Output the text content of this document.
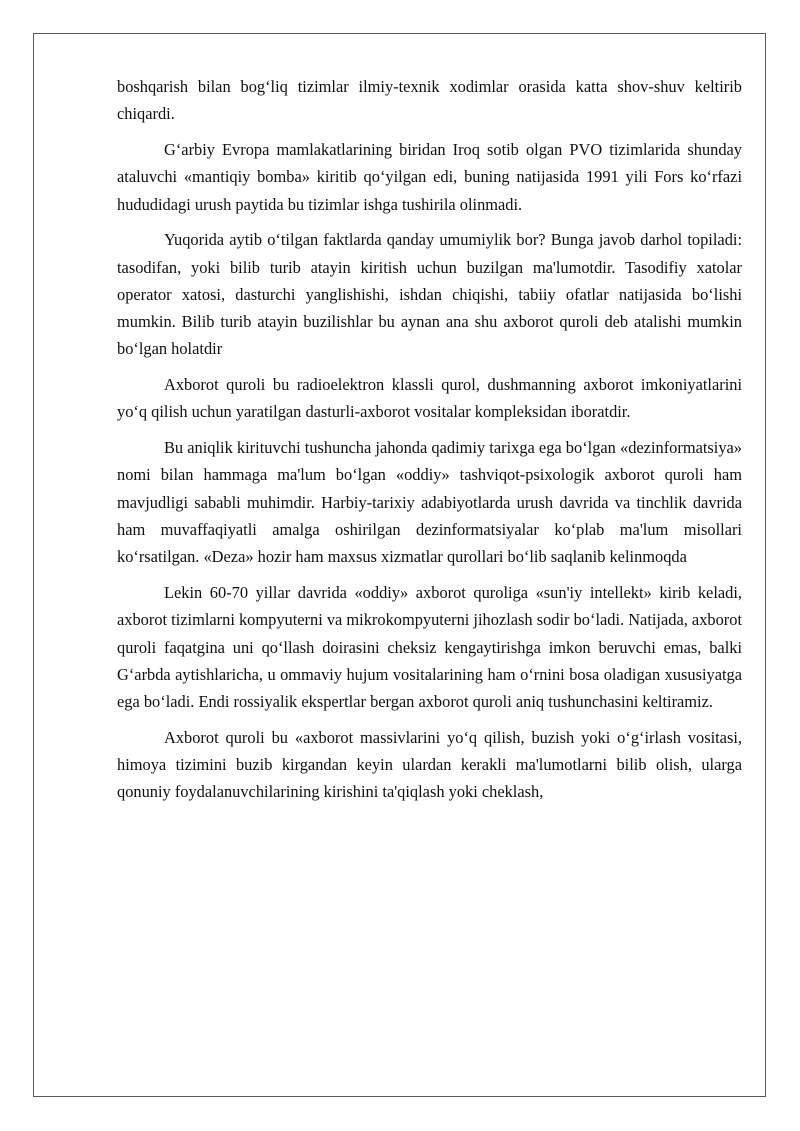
boshqarish bilan bog‘liq tizimlar ilmiy-texnik xodimlar orasida katta shov-shuv keltirib chiqardi.

G‘arbiy Evropa mamlakatlarining biridan Iroq sotib olgan PVO tizimlarida shunday ataluvchi «mantiqiy bomba» kiritib qo‘yilgan edi, buning natijasida 1991 yili Fors ko‘rfazi hududidagi urush paytida bu tizimlar ishga tushirila olinmadi.

Yuqorida aytib o‘tilgan faktlarda qanday umumiylik bor? Bunga javob darhol topiladi: tasodifan, yoki bilib turib atayin kiritish uchun buzilgan ma'lumotdir. Tasodifiy xatolar operator xatosi, dasturchi yanglishishi, ishdan chiqishi, tabiiy ofatlar natijasida bo‘lishi mumkin. Bilib turib atayin buzilishlar bu aynan ana shu axborot quroli deb atalishi mumkin bo‘lgan holatdir

Axborot quroli bu radioelektron klassli qurol, dushmanning axborot imkoniyatlarini yo‘q qilish uchun yaratilgan dasturli-axborot vositalar kompleksidan iboratdir.

Bu aniqlik kirituvchi tushuncha jahonda qadimiy tarixga ega bo‘lgan «dezinformatsiya» nomi bilan hammaga ma'lum bo‘lgan «oddiy» tashviqot-psixologik axborot quroli ham mavjudligi sababli muhimdir. Harbiy-tarixiy adabiyotlarda urush davrida va tinchlik davrida ham muvaffaqiyatli amalga oshirilgan dezinformatsiyalar ko‘plab ma'lum misollari ko‘rsatilgan. «Deza» hozir ham maxsus xizmatlar qurollari bo‘lib saqlanib kelinmoqda

Lekin 60-70 yillar davrida «oddiy» axborot quroliga «sun'iy intellekt» kirib keladi, axborot tizimlarni kompyuterni va mikrokompyuterni jihozlash sodir bo‘ladi. Natijada, axborot quroli faqatgina uni qo‘llash doirasini cheksiz kengaytirishga imkon beruvchi emas, balki G‘arbda aytishlaricha, u ommaviy hujum vositalarining ham o‘rnini bosa oladigan xususiyatga ega bo‘ladi. Endi rossiyalik ekspertlar bergan axborot quroli aniq tushunchasini keltiramiz.

Axborot quroli bu «axborot massivlarini yo‘q qilish, buzish yoki o‘g‘irlash vositasi, himoya tizimini buzib kirgandan keyin ulardan kerakli ma'lumotlarni bilib olish, ularga qonuniy foydalanuvchilarining kirishini ta'qiqlash yoki cheklash,
